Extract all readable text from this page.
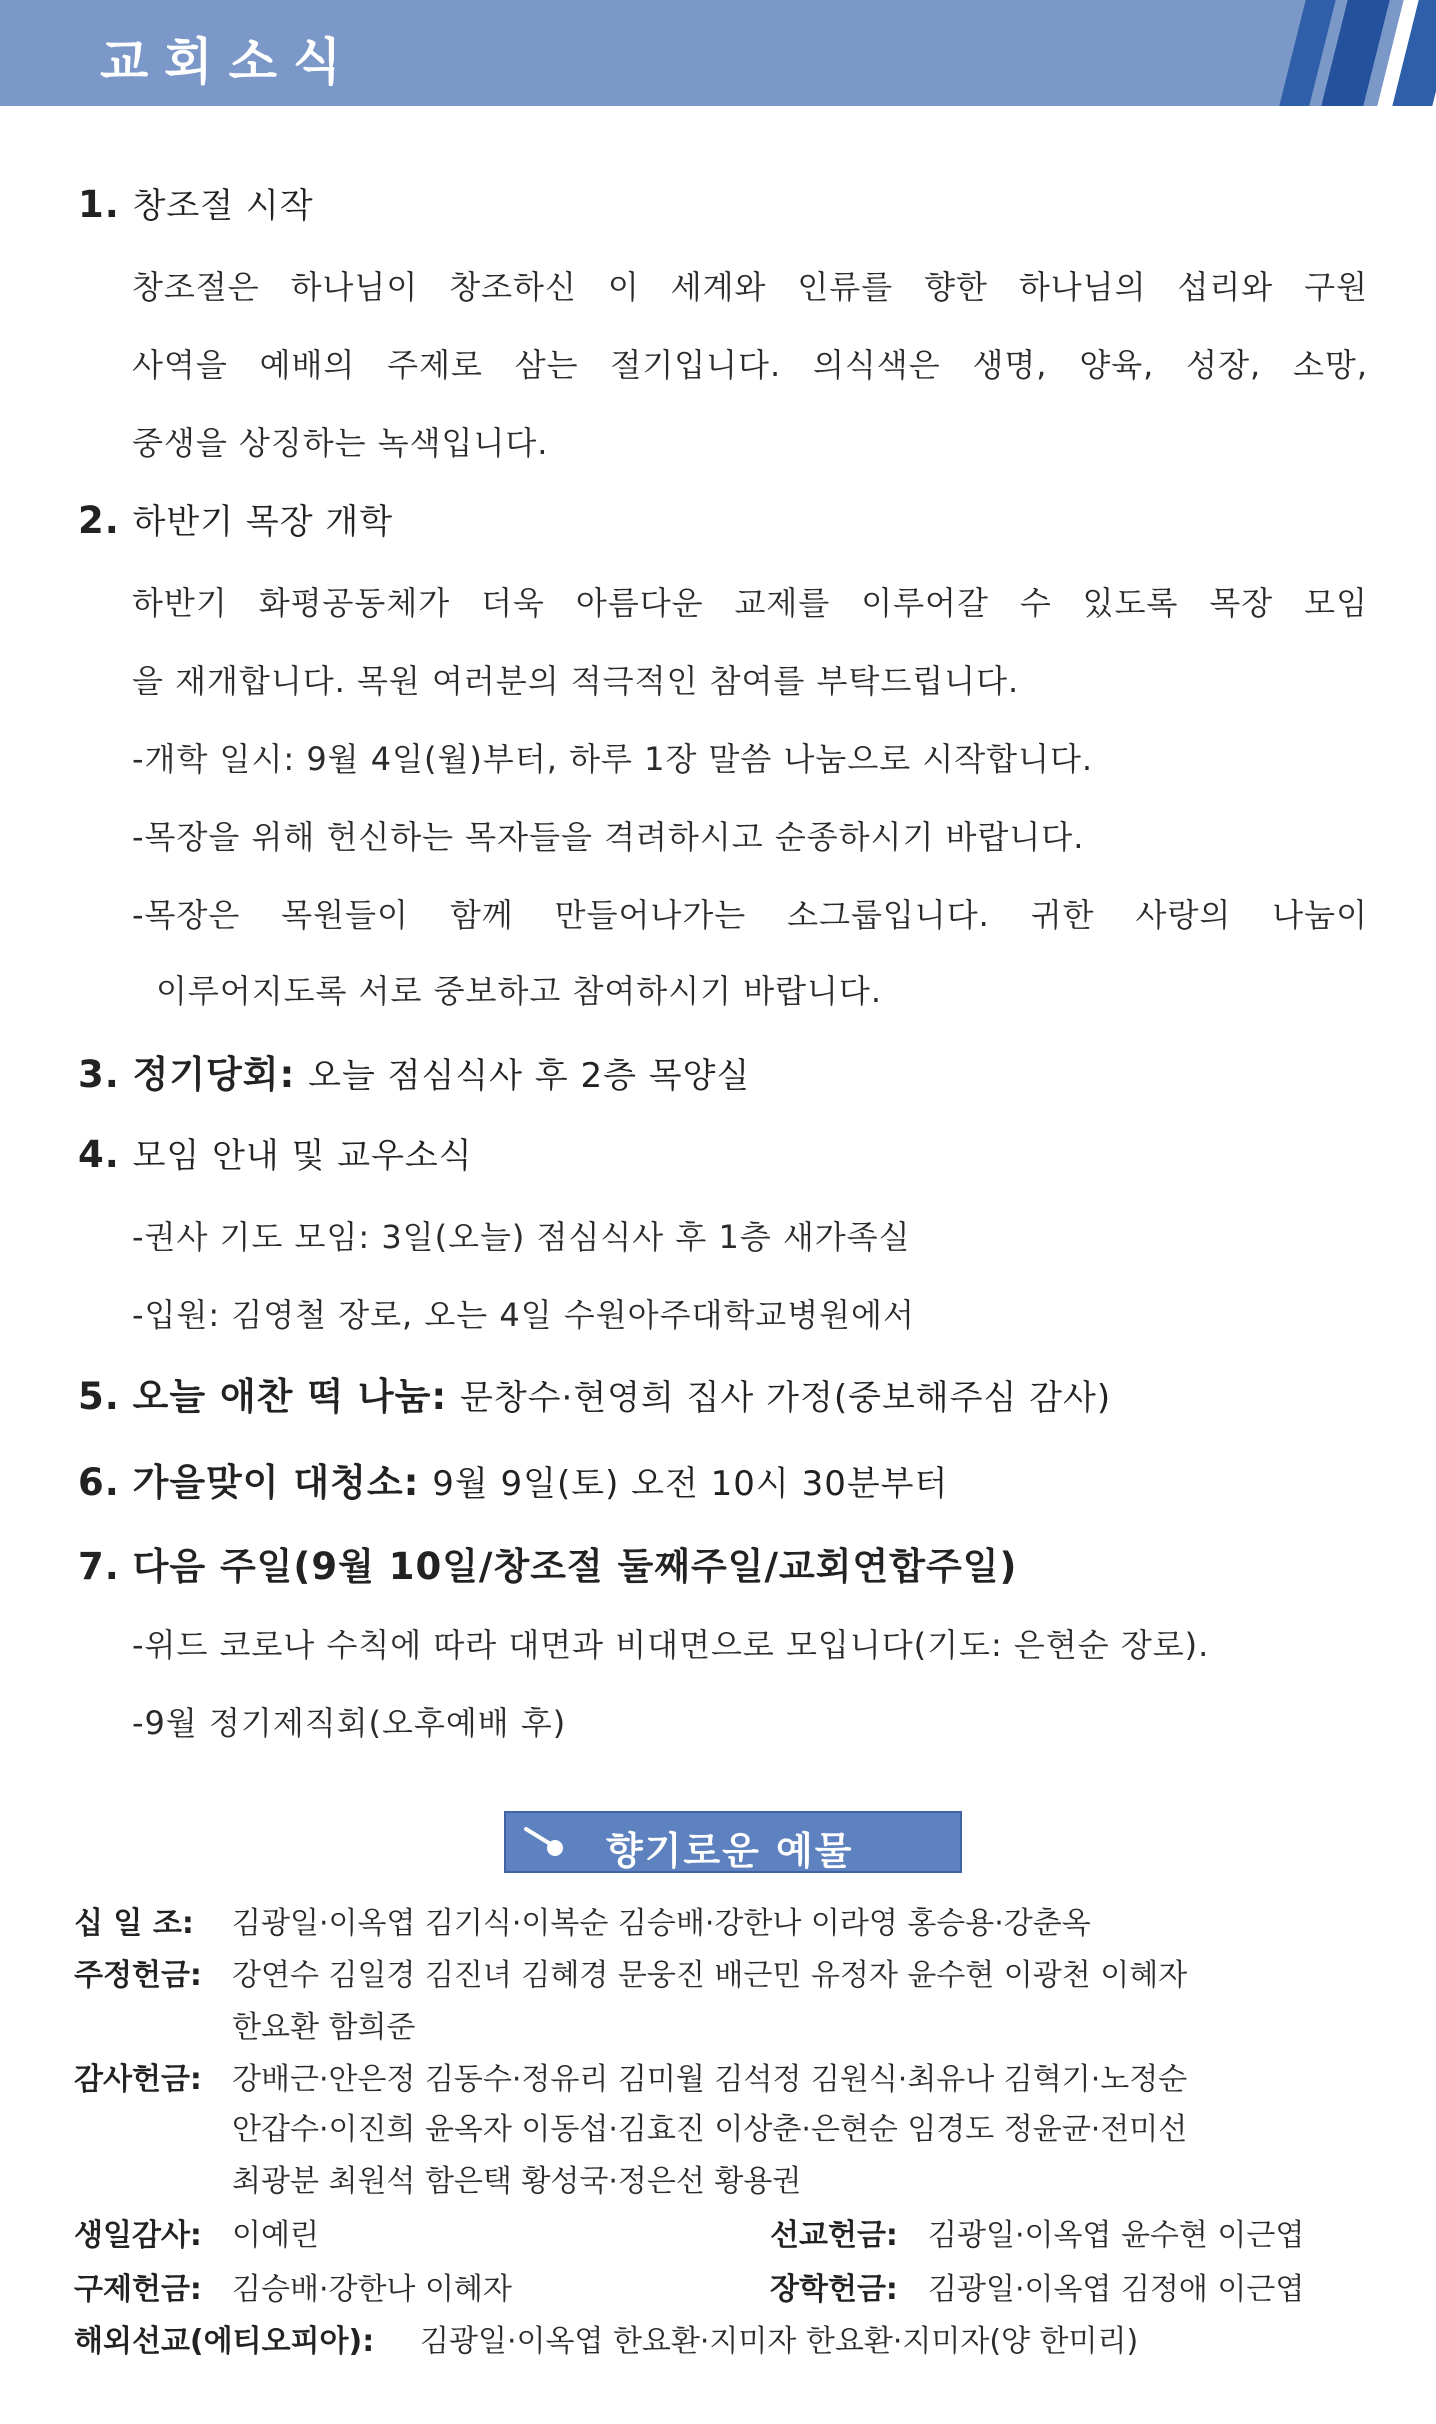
교회소식
1. 창조절 시작
창조절은 하나님이 창조하신 이 세계와 인류를 향한 하나님의 섭리와 구원
사역을 예배의 주제로 삼는 절기입니다. 의식색은 생명, 양육, 성장, 소망,
중생을 상징하는 녹색입니다.
2. 하반기 목장 개학
하반기 화평공동체가 더욱 아름다운 교제를 이루어갈 수 있도록 목장 모임
을 재개합니다. 목원 여러분의 적극적인 참여를 부탁드립니다.
-개학 일시: 9월 4일(월)부터, 하루 1장 말씀 나눔으로 시작합니다.
-목장을 위해 헌신하는 목자들을 격려하시고 순종하시기 바랍니다.
-목장은 목원들이 함께 만들어나가는 소그룹입니다. 귀한 사랑의 나눔이
이루어지도록 서로 중보하고 참여하시기 바랍니다.
3. 정기당회: 오늘 점심식사 후 2층 목양실
4. 모임 안내 및 교우소식
-권사 기도 모임: 3일(오늘) 점심식사 후 1층 새가족실
-입원: 김영철 장로, 오는 4일 수원아주대학교병원에서
5. 오늘 애찬 떡 나눔: 문창수·현영희 집사 가정(중보해주심 감사)
6. 가을맞이 대청소: 9월 9일(토) 오전 10시 30분부터
7. 다음 주일(9월 10일/창조절 둘째주일/교회연합주일)
-위드 코로나 수칙에 따라 대면과 비대면으로 모입니다(기도: 은현순 장로).
-9월 정기제직회(오후예배 후)
향기로운 예물
십 일 조: 김광일·이옥엽 김기식·이복순 김승배·강한나 이라영 홍승용·강춘옥
주정헌금: 강연수 김일경 김진녀 김혜경 문웅진 배근민 유정자 윤수현 이광천 이혜자
한요환 함희준
감사헌금: 강배근·안은정 김동수·정유리 김미월 김석정 김원식·최유나 김혁기·노정순
안갑수·이진희 윤옥자 이동섭·김효진 이상춘·은현순 임경도 정윤균·전미선
최광분 최원석 함은택 황성국·정은선 황용권
생일감사: 이예린	선교헌금: 김광일·이옥엽 윤수현 이근엽
구제헌금: 김승배·강한나 이혜자	장학헌금: 김광일·이옥엽 김정애 이근엽
해외선교(에티오피아): 김광일·이옥엽 한요환·지미자 한요환·지미자(양 한미리)
